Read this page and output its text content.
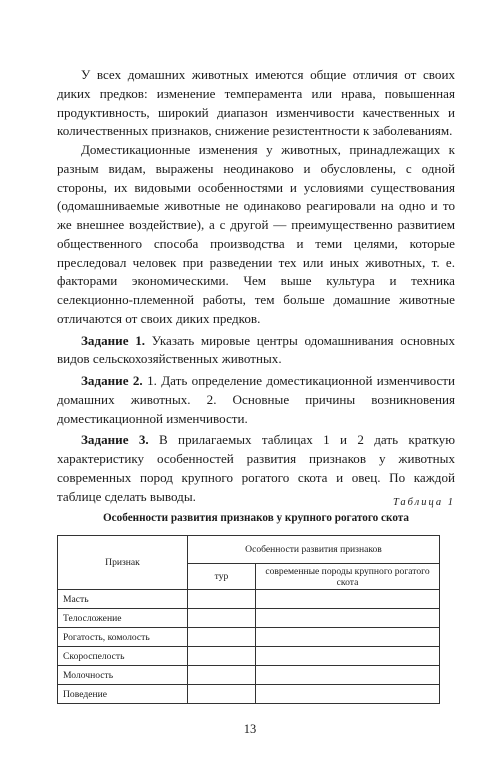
У всех домашних животных имеются общие отличия от своих диких предков: изменение темперамента или нрава, повышенная продуктивность, широкий диапазон изменчивости качественных и количественных признаков, снижение резистентности к заболеваниям.

Доместикационные изменения у животных, принадлежащих к разным видам, выражены неодинаково и обусловлены, с одной стороны, их видовыми особенностями и условиями существования (одомашниваемые животные не одинаково реагировали на одно и то же внешнее воздействие), а с другой — преимущественно развитием общественного способа производства и теми целями, которые преследовал человек при разведении тех или иных животных, т. е. факторами экономическими. Чем выше культура и техника селекционно-племенной работы, тем больше домашние животные отличаются от своих диких предков.

Задание 1. Указать мировые центры одомашнивания основных видов сельскохозяйственных животных.

Задание 2. 1. Дать определение доместикационной изменчивости домашних животных. 2. Основные причины возникновения доместикационной изменчивости.

Задание 3. В прилагаемых таблицах 1 и 2 дать краткую характеристику особенностей развития признаков у животных современных пород крупного рогатого скота и овец. По каждой таблице сделать выводы.	Таблица 1
Особенности развития признаков у крупного рогатого скота
Признак	Особенности развития признаков	
	тур	современные породы крупного рогатого скота
Масть		
Телосложение		
Рогатость, комолость		
Скороспелость		
Молочность		
Поведение		
13
